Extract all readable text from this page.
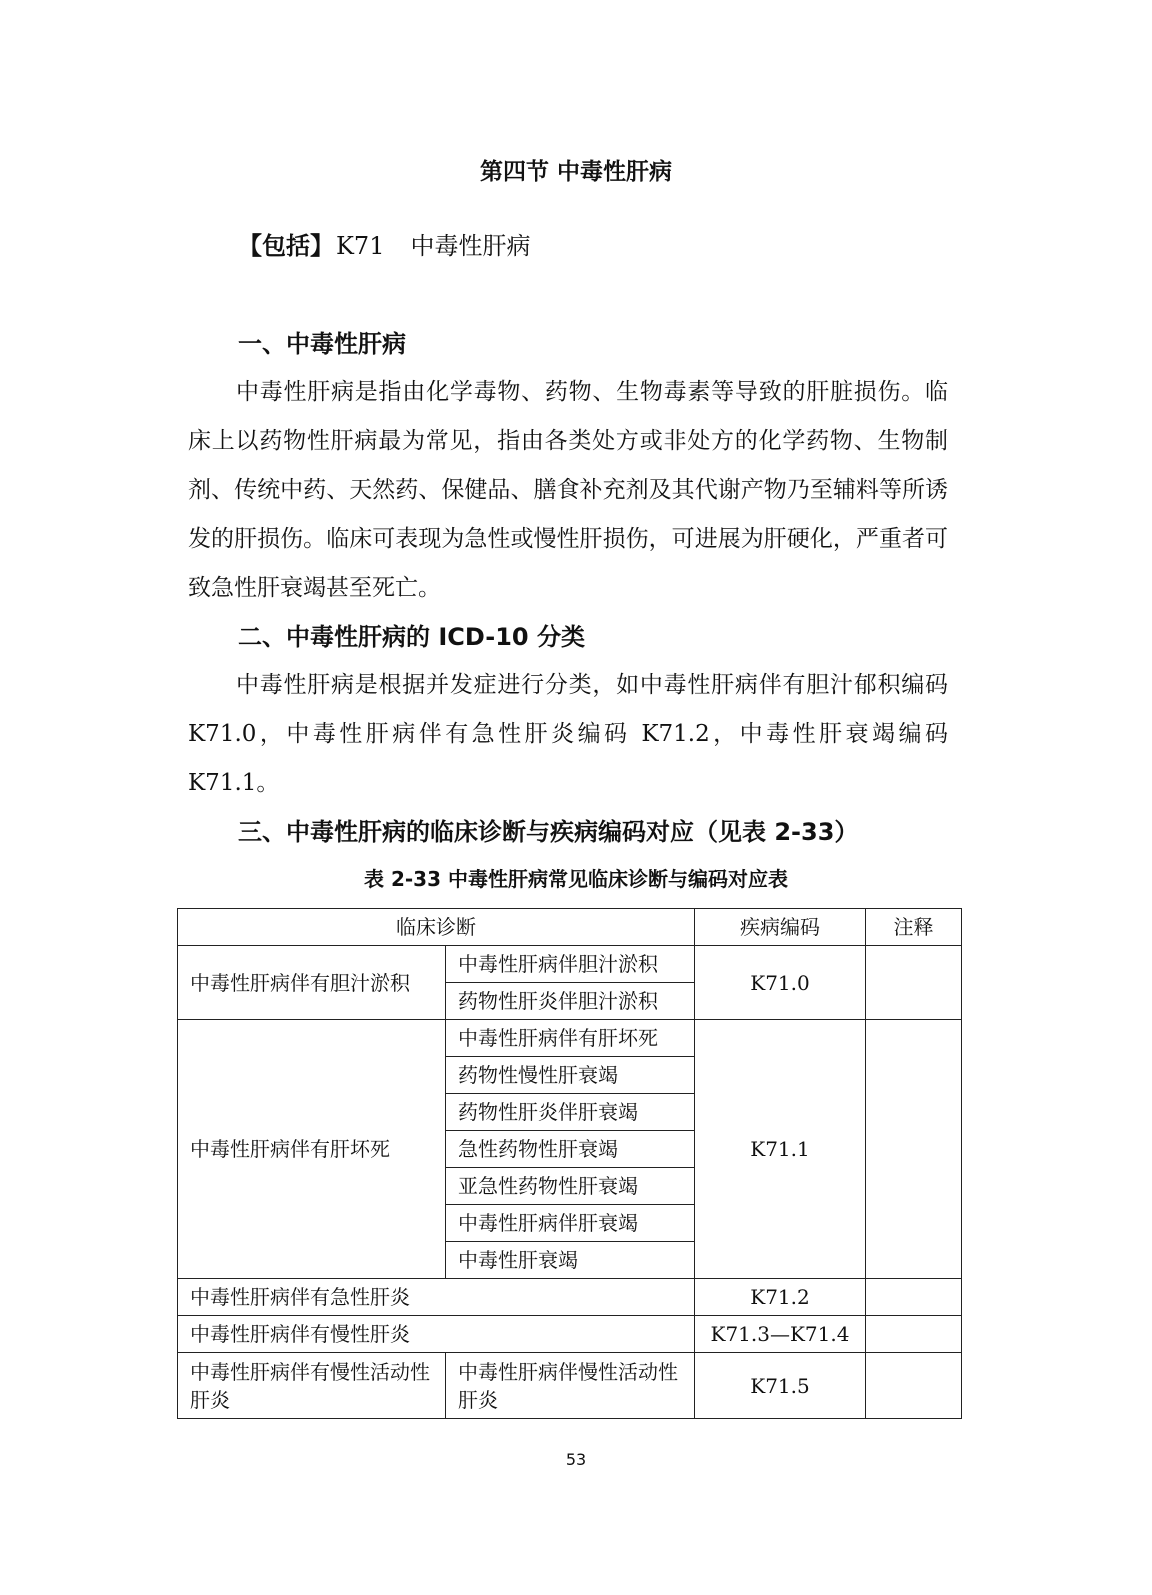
第四节 中毒性肝病
【包括】K71 中毒性肝病
一、中毒性肝病

中毒性肝病是指由化学毒物、药物、生物毒素等导致的肝脏损伤。临床上以药物性肝病最为常见，指由各类处方或非处方的化学药物、生物制剂、传统中药、天然药、保健品、膳食补充剂及其代谢产物乃至辅料等所诱发的肝损伤。临床可表现为急性或慢性肝损伤，可进展为肝硬化，严重者可致急性肝衰竭甚至死亡。

二、中毒性肝病的 ICD-10 分类

中毒性肝病是根据并发症进行分类，如中毒性肝病伴有胆汁郁积编码 K71.0，中毒性肝病伴有急性肝炎编码 K71.2，中毒性肝衰竭编码 K71.1。

三、中毒性肝病的临床诊断与疾病编码对应（见表 2-33）
表 2-33 中毒性肝病常见临床诊断与编码对应表
临床诊断		疾病编码	注释
中毒性肝病伴有胆汁淤积	中毒性肝病伴胆汁淤积	K71.0	
	药物性肝炎伴胆汁淤积		
中毒性肝病伴有肝坏死	中毒性肝病伴有肝坏死	K71.1	
	药物性慢性肝衰竭		
	药物性肝炎伴肝衰竭		
	急性药物性肝衰竭		
	亚急性药物性肝衰竭		
	中毒性肝病伴肝衰竭		
	中毒性肝衰竭		
中毒性肝病伴有急性肝炎		K71.2	
中毒性肝病伴有慢性肝炎		K71.3—K71.4	
中毒性肝病伴有慢性活动性肝炎	中毒性肝病伴慢性活动性肝炎	K71.5	
53
